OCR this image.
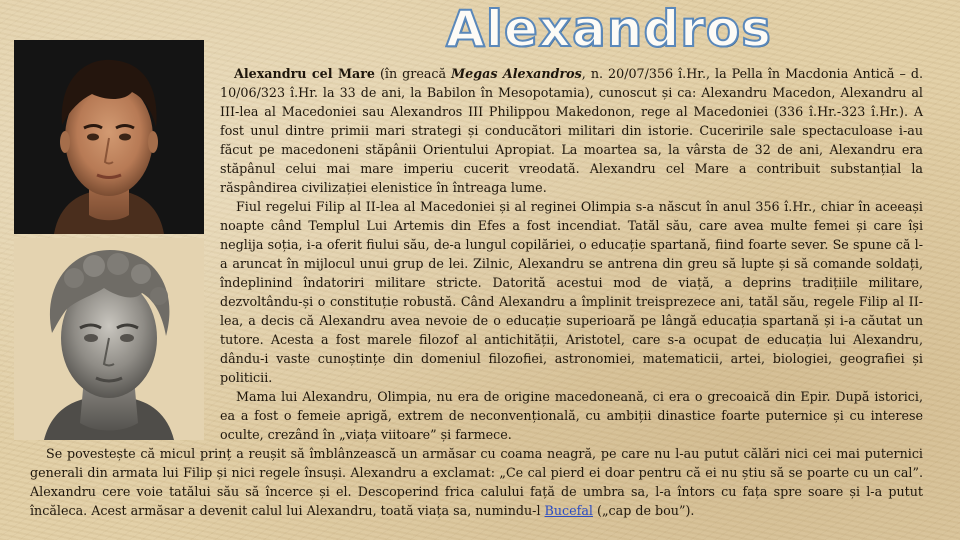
Alexandros

Alexandru cel Mare (în greacă Megas Alexandros, n. 20/07/356 î.Hr., la Pella în Macdonia Antică – d. 10/06/323 î.Hr. la 33 de ani, la Babilon în Mesopotamia), cunoscut și ca: Alexandru Macedon, Alexandru al III-lea al Macedoniei sau Alexandros III Philippou Makedonon, rege al Macedoniei (336 î.Hr.-323 î.Hr.). A fost unul dintre primii mari strategi și conducători militari din istorie. Cuceririle sale spectaculoase i-au făcut pe macedoneni stăpânii Orientului Apropiat. La moartea sa, la vârsta de 32 de ani, Alexandru era stăpânul celui mai mare imperiu cucerit vreodată. Alexandru cel Mare a contribuit substanțial la răspândirea civilizației elenistice în întreaga lume.

Fiul regelui Filip al II-lea al Macedoniei și al reginei Olimpia s-a născut în anul 356 î.Hr., chiar în aceeași noapte când Templul Lui Artemis din Efes a fost incendiat. Tatăl său, care avea multe femei și care își neglija soția, i-a oferit fiului său, de-a lungul copilăriei, o educație spartană, fiind foarte sever. Se spune că l-a aruncat în mijlocul unui grup de lei. Zilnic, Alexandru se antrena din greu să lupte și să comande soldați, îndeplinind îndatoriri militare stricte. Datorită acestui mod de viață, a deprins tradițiile militare, dezvoltându-și o constituție robustă. Când Alexandru a împlinit treisprezece ani, tatăl său, regele Filip al II-lea, a decis că Alexandru avea nevoie de o educație superioară pe lângă educația spartană și i-a căutat un tutore. Acesta a fost marele filozof al antichității, Aristotel, care s-a ocupat de educația lui Alexandru, dându-i vaste cunoștințe din domeniul filozofiei, astronomiei, matematicii, artei, biologiei, geografiei și politicii.

Mama lui Alexandru, Olimpia, nu era de origine macedoneană, ci era o grecoaică din Epir. După istorici, ea a fost o femeie aprigă, extrem de neconvențională, cu ambiții dinastice foarte puternice și cu interese oculte, crezând în „viața viitoare” și farmece.

Se povestește că micul prinț a reușit să îmblânzească un armăsar cu coama neagră, pe care nu l-au putut călări nici cei mai puternici generali din armata lui Filip și nici regele însuși. Alexandru a exclamat: „Ce cal pierd ei doar pentru că ei nu știu să se poarte cu un cal”. Alexandru cere voie tatălui său să încerce și el. Descoperind frica calului față de umbra sa, l-a întors cu fața spre soare și l-a putut încăleca. Acest armăsar a devenit calul lui Alexandru, toată viața sa, numindu-l Bucefal („cap de bou”).
